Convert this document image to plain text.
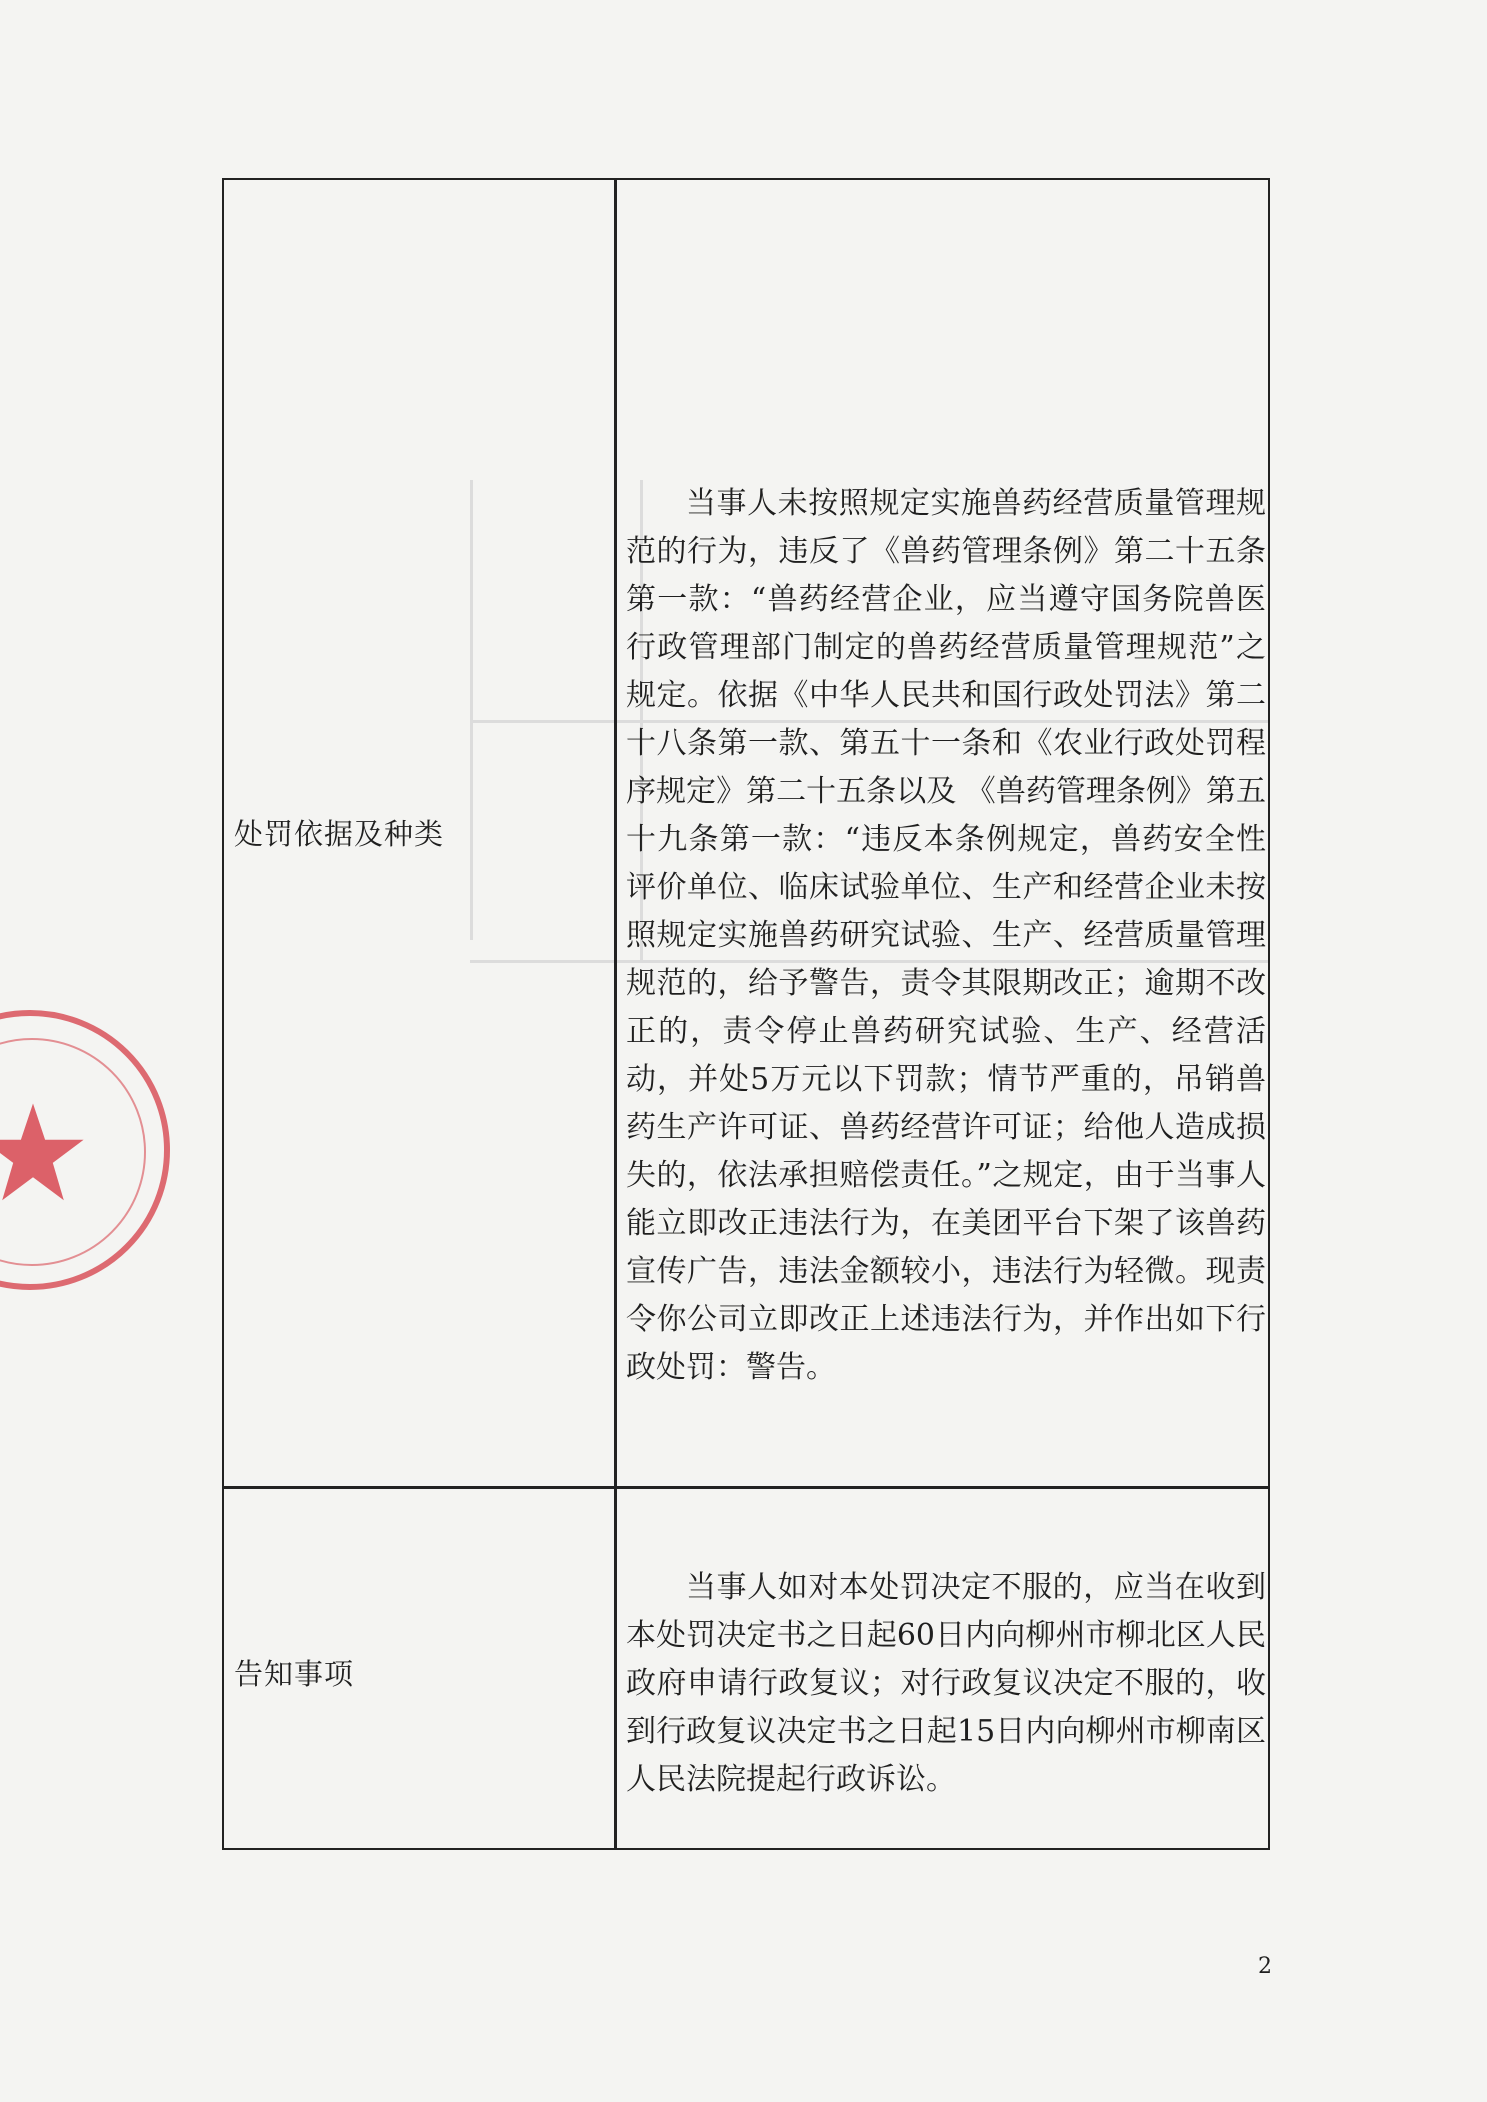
处罚依据及种类
当事人未按照规定实施兽药经营质量管理规范的行为，违反了《兽药管理条例》第二十五条第一款：“兽药经营企业，应当遵守国务院兽医行政管理部门制定的兽药经营质量管理规范”之规定。依据《中华人民共和国行政处罚法》第二十八条第一款、第五十一条和《农业行政处罚程序规定》第二十五条以及 《兽药管理条例》第五十九条第一款：“违反本条例规定，兽药安全性评价单位、临床试验单位、生产和经营企业未按照规定实施兽药研究试验、生产、经营质量管理规范的，给予警告，责令其限期改正；逾期不改正的，责令停止兽药研究试验、生产、经营活动，并处5万元以下罚款；情节严重的，吊销兽药生产许可证、兽药经营许可证；给他人造成损失的，依法承担赔偿责任。”之规定，由于当事人能立即改正违法行为，在美团平台下架了该兽药宣传广告，违法金额较小，违法行为轻微。现责令你公司立即改正上述违法行为，并作出如下行政处罚：警告。
告知事项
当事人如对本处罚决定不服的，应当在收到本处罚决定书之日起60日内向柳州市柳北区人民政府申请行政复议；对行政复议决定不服的，收到行政复议决定书之日起15日内向柳州市柳南区人民法院提起行政诉讼。
2
